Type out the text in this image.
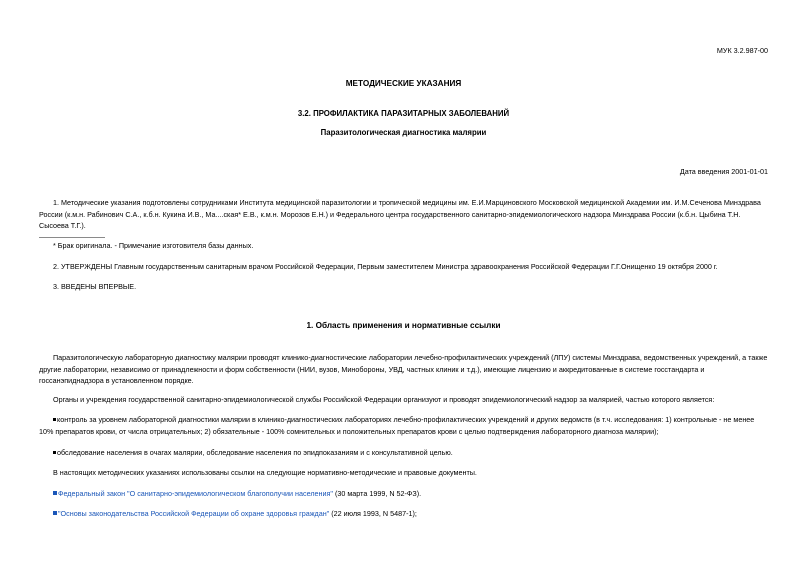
МУК 3.2.987-00
МЕТОДИЧЕСКИЕ УКАЗАНИЯ
3.2. ПРОФИЛАКТИКА ПАРАЗИТАРНЫХ ЗАБОЛЕВАНИЙ
Паразитологическая диагностика малярии
Дата введения 2001-01-01
1. Методические указания подготовлены сотрудниками Института медицинской паразитологии и тропической медицины им. Е.И.Марциновского Московской медицинской Академии им. И.М.Сеченова Минздрава России (к.м.н. Рабинович С.А., к.б.н. Кукина И.В., Ма....ская* Е.В., к.м.н. Морозов Е.Н.) и Федерального центра государственного санитарно-эпидемиологического надзора Минздрава России (к.б.н. Цыбина Т.Н. Сысоева Т.Г.).
* Брак оригинала. - Примечание изготовителя базы данных.
2. УТВЕРЖДЕНЫ Главным государственным санитарным врачом Российской Федерации, Первым заместителем Министра здравоохранения Российской Федерации Г.Г.Онищенко 19 октября 2000 г.
3. ВВЕДЕНЫ ВПЕРВЫЕ.
1. Область применения и нормативные ссылки
Паразитологическую лабораторную диагностику малярии проводят клинико-диагностические лаборатории лечебно-профилактических учреждений (ЛПУ) системы Минздрава, ведомственных учреждений, а также другие лаборатории, независимо от принадлежности и форм собственности (НИИ, вузов, Минобороны, УВД, частных клиник и т.д.), имеющие лицензию и аккредитованные в системе госстандарта и госсанэпиднадзора в установленном порядке.
Органы и учреждения государственной санитарно-эпидемиологической службы Российской Федерации организуют и проводят эпидемиологический надзор за малярией, частью которого является:
контроль за уровнем лабораторной диагностики малярии в клинико-диагностических лабораториях лечебно-профилактических учреждений и других ведомств (в т.ч. исследования: 1) контрольные - не менее 10% препаратов крови, от числа отрицательных; 2) обязательные - 100% сомнительных и положительных препаратов крови с целью подтверждения лабораторного диагноза малярии);
обследование населения в очагах малярии, обследование населения по эпидпоказаниям и с консультативной целью.
В настоящих методических указаниях использованы ссылки на следующие нормативно-методические и правовые документы.
Федеральный закон "О санитарно-эпидемиологическом благополучии населения" (30 марта 1999, N 52-ФЗ).
"Основы законодательства Российской Федерации об охране здоровья граждан" (22 июля 1993, N 5487-1);
